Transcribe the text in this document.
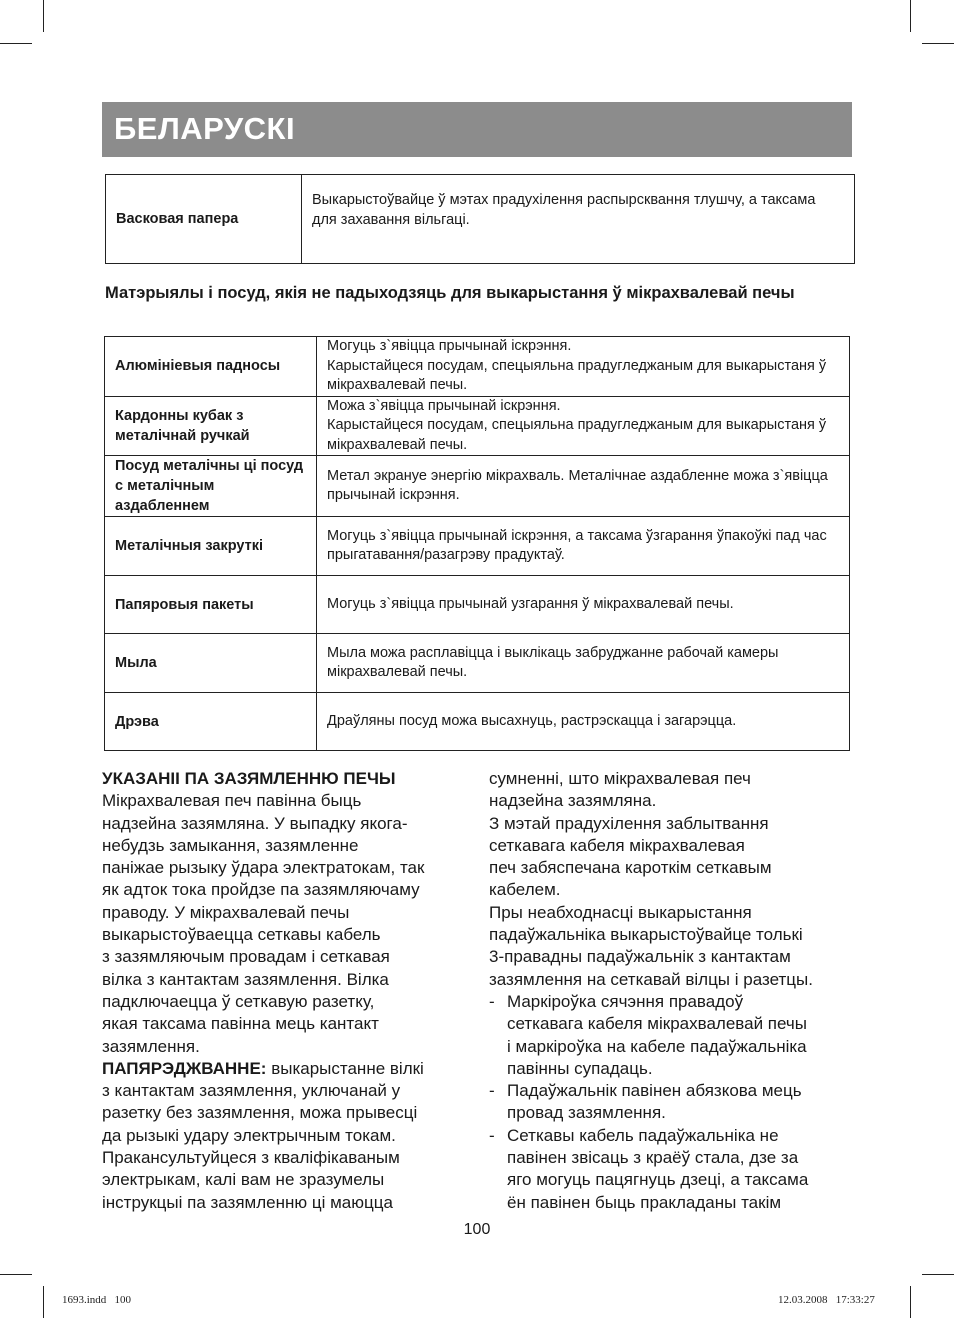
БЕЛАРУСКІ
Васковая папера	Выкарыстоўвайце ў мэтах прадухілення распырсквання тлушчу, а таксама для захавання вільгаці.
Матэрыялы і посуд, якія не падыходзяць для выкарыстання ў мікрахвалевай печы
Алюмініевыя падносы	Могуць з`явіцца прычынай іскрэння.
Карыстайцеся посудам, спецыяльна прадугледжаным для выкарыстаня ў мікрахвалевай печы.
Кардонны кубак з металічнай ручкай	Можа з`явіцца прычынай іскрэння.
Карыстайцеся посудам, спецыяльна прадугледжаным для выкарыстаня ў мікрахвалевай печы.
Посуд металічны ці посуд с металічным аздабленнем	Метал экрануе энергію мікрахваль. Металічнае аздабленне можа з`явіцца прычынай іскрэння.
Металічныя закруткі	Могуць з`явіцца прычынай іскрэння, а таксама ўзгарання ўпакоўкі пад час прыгатавання/разагрэву прадуктаў.
Папяровыя пакеты	Могуць з`явіцца прычынай узгарання ў мікрахвалевай печы.
Мыла	Мыла можа расплавіцца і выклікаць забруджанне рабочай камеры мікрахвалевай печы.
Дрэва	Драўляны посуд можа высахнуць, растрэскацца і загарэцца.

УКАЗАНІІ ПА ЗАЗЯМЛЕННЮ ПЕЧЫ

Мікрахвалевая печ павінна быць

надзейна зазямляна. У выпадку якога-

небудзь замыкання, зазямленне

паніжае рызыку ўдара электратокам, так

як адток тока пройдзе па зазямляючаму

праводу. У мікрахвалевай печы

выкарыстоўваецца сеткавы кабель

з зазямляючым провадам і сеткавая

вілка з кантактам зазямлення. Вілка

падключаецца ў сеткавую разетку,

якая таксама павінна мець кантакт

зазямлення.

ПАПЯРЭДЖВАННЕ: выкарыстанне вілкі

з кантактам зазямлення, уключанай у

разетку без зазямлення, можа прывесці

да рызыкі удару электрычным токам.

Пракансультуйцеся з кваліфікаваным

электрыкам, калі вам не зразумелы

інструкцыі па зазямленню ці маюцца

сумненні, што мікрахвалевая печ

надзейна зазямляна.

З мэтай прадухілення заблытвання

сеткавага кабеля мікрахвалевая

печ забяспечана кароткім сеткавым

кабелем.

Пры неабходнасці выкарыстання

падаўжальніка выкарыстоўвайце толькі

3-правадны падаўжальнік з кантактам

зазямлення на сеткавай вілцы і разетцы.

- Маркіроўка сячэння правадоў
сеткавага кабеля мікрахвалевай печы
і маркіроўка на кабеле падаўжальніка
павінны супадаць.
- Падаўжальнік павінен абязкова мець
провад зазямлення.
- Сеткавы кабель падаўжальніка не
павінен звісаць з краёў стала, дзе за
яго могуць пацягнуць дзеці, а таксама
ён павінен быць пракладаны такім
100
1693.indd   100	12.03.2008   17:33:27
